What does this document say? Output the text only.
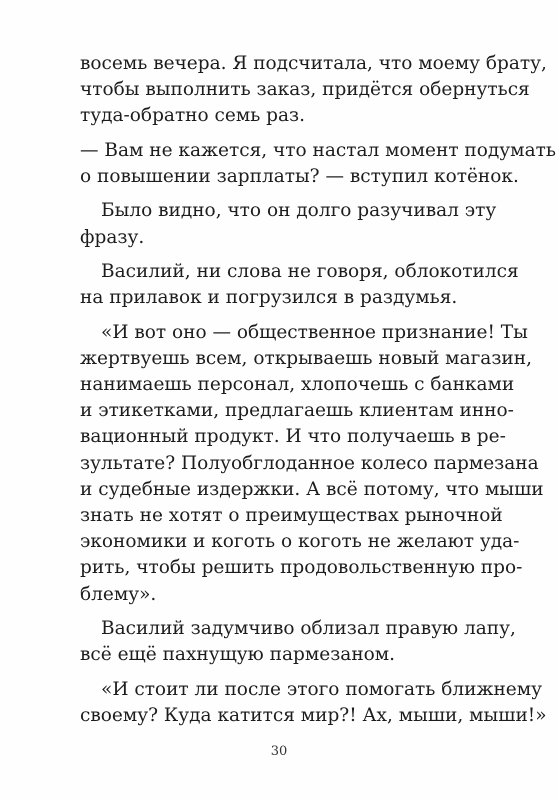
восемь вечера. Я подсчитала, что моему брату,
чтобы выполнить заказ, придётся обернуться
туда-обратно семь раз.
— Вам не кажется, что настал момент подумать
о повышении зарплаты? — вступил котёнок.
Было видно, что он долго разучивал эту
фразу.
Василий, ни слова не говоря, облокотился
на прилавок и погрузился в раздумья.
«И вот оно — общественное признание! Ты
жертвуешь всем, открываешь новый магазин,
нанимаешь персонал, хлопочешь с банками
и этикетками, предлагаешь клиентам инно-
вационный продукт. И что получаешь в ре-
зультате? Полуобглоданное колесо пармезана
и судебные издержки. А всё потому, что мыши
знать не хотят о преимуществах рыночной
экономики и коготь о коготь не желают уда-
рить, чтобы решить продовольственную про-
блему».
Василий задумчиво облизал правую лапу,
всё ещё пахнущую пармезаном.
«И стоит ли после этого помогать ближнему
своему? Куда катится мир?! Ах, мыши, мыши!»
30
